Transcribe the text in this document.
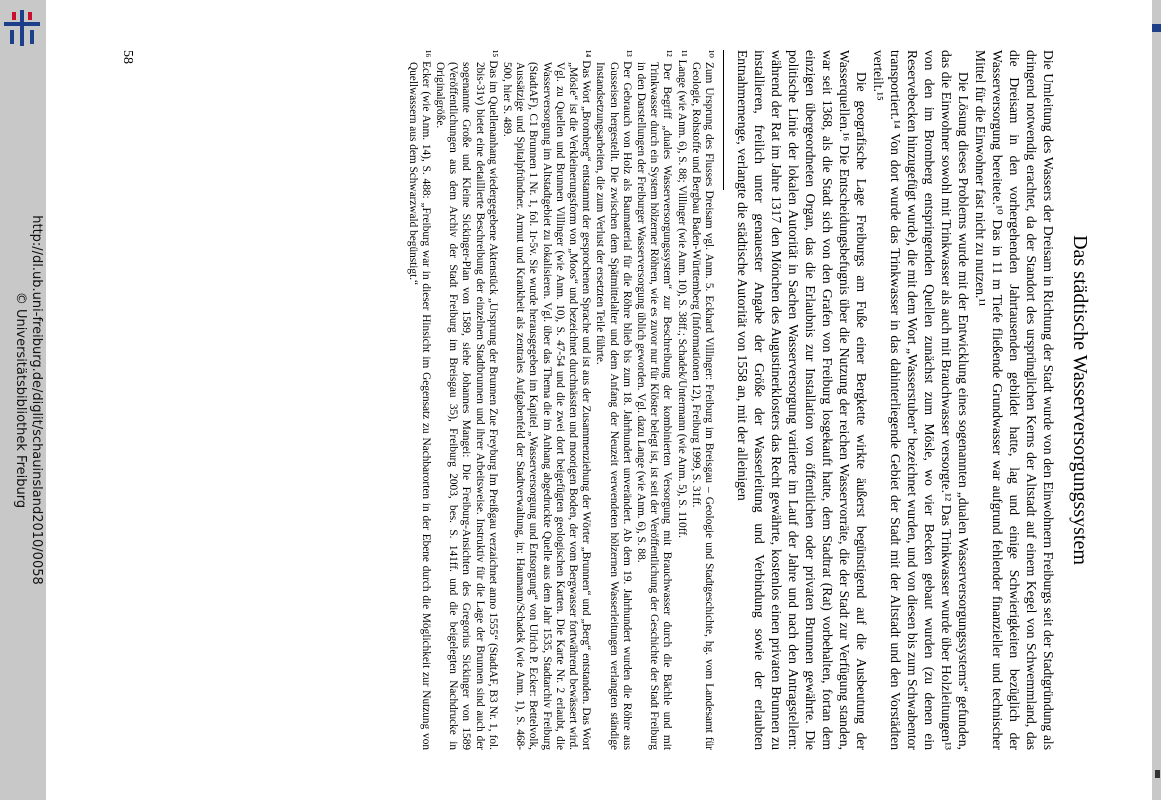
http://dl.ub.uni-freiburg.de/diglit/schauinsland2010/0058
© Universitätsbibliothek Freiburg	Das städtische Wasserversorgungssystem

Die Umleitung des Wassers der Dreisam in Richtung der Stadt wurde von den Einwohnern Freiburgs seit der Stadtgründung als dringend notwendig erachtet, da der Standort des ursprünglichen Kerns der Altstadt auf einem Kegel von Schwemmland, das die Dreisam in den vorhergehenden Jahrtausenden gebildet hatte, lag und einige Schwierigkeiten bezüglich der Wasserversorgung bereitete.¹⁰ Das in 11 m Tiefe fließende Grundwasser war aufgrund fehlender finanzieller und technischer Mittel für die Einwohner fast nicht zu nutzen.¹¹

Die Lösung dieses Problems wurde mit der Entwicklung eines sogenannten „dualen Wasserversorgungssystems“ gefunden, das die Einwohner sowohl mit Trinkwasser als auch mit Brauchwasser versorgte.¹² Das Trinkwasser wurde über Holzleitungen¹³ von den im Bromberg entspringenden Quellen zunächst zum Mösle, wo vier Becken gebaut wurden (zu denen ein Reservebecken hinzugefügt wurde), die mit dem Wort „Wasserstuben“ bezeichnet wurden, und von diesen bis zum Schwabentor transportiert.¹⁴ Von dort wurde das Trinkwasser in das dahinterliegende Gebiet der Stadt mit der Altstadt und den Vorstädten verteilt.¹⁵

Die geografische Lage Freiburgs am Fuße einer Bergkette wirkte äußerst begünstigend auf die Ausbeutung der Wasserquellen.¹⁶ Die Entscheidungsbefugnis über die Nutzung der reichen Wasservorräte, die der Stadt zur Verfügung standen, war seit 1368, als die Stadt sich von den Grafen von Freiburg losgekauft hatte, dem Stadtrat (Rat) vorbehalten, fortan dem einzigen übergeordneten Organ, das die Erlaubnis zur Installation von öffentlichen oder privaten Brunnen gewährte. Die politische Linie der lokalen Autorität in Sachen Wasserversorgung variierte im Lauf der Jahre und nach den Antragstellern: während der Rat im Jahre 1317 den Mönchen des Augustinerklosters das Recht gewährte, kostenlos einen privaten Brunnen zu installieren, freilich unter genauester Angabe der Größe der Wasserleitung und Verbindung sowie der erlaubten Entnahmemenge, verlangte die städtische Autorität von 1558 an, mit der alleinigen

¹⁰ Zum Ursprung des Flusses Dreisam vgl. Anm. 5. Eckhard Villinger: Freiburg im Breisgau – Geologie und Stadtgeschichte, hg. vom Landesamt für Geologie, Rohstoffe und Bergbau Baden-Württemberg (Informationen 12), Freiburg 1999, S. 31ff.

¹¹ Lange (wie Anm. 6), S. 88; Villinger (wie Anm. 10), S. 38ff.; Schadek/Untermann (wie Anm. 5), S. 110ff.

¹² Der Begriff „duales Wasserversorgungssystem“ zur Beschreibung der kombinierten Versorgung mit Brauchwasser durch die Bächle und mit Trinkwasser durch ein System hölzerner Röhren, wie es zuvor nur für Klöster belegt ist, ist seit der Veröffentlichung der Geschichte der Stadt Freiburg in den Darstellungen der Freiburger Wasserversorgung üblich geworden. Vgl. dazu Lange (wie Anm. 6), S. 88.

¹³ Der Gebrauch von Holz als Baumaterial für die Röhre blieb bis zum 18. Jahrhundert unverändert. Ab dem 19. Jahrhundert wurden die Röhre aus Gusseisen hergestellt. Die zwischen dem Spätmittelalter und dem Anfang der Neuzeit verwendeten hölzernen Wasserleitungen verlangten ständige Instandsetzungsarbeiten, die zum Verlust der ersetzten Teile führte.

¹⁴ Das Wort „Bromberg“ entstammt der gesprochenen Sprache und ist aus der Zusammenziehung der Wörter „Brunnen“ und „Berg“ entstanden. Das Wort „Mösle“ ist die Verkleinerungsform von „Moos“ und bezeichnet durchnässten und moorigen Boden, der vom Bergwasser fortwährend bewässert wird. Vgl. zu Quellen und Brunnen Villinger (wie Anm. 10), S. 47-54 und die zwei dort beigefügten geologischen Karten. Die Karte Nr. 2 erlaubt, die Wasserversorgung im Altstadtgebiet zu lokalisieren. Vgl. über das Thema die im Anhang abgedruckte Quelle aus dem Jahr 1535, Stadtarchiv Freiburg (StadtAF), C1 Brunnen 1 Nr. 1, fol. 1r-5v. Sie wurde herausgegeben im Kapitel „Wasserversorgung und Entsorgung“ von Ulrich P. Ecker: Bettelvolk, Aussätzige und Spitalpfründner. Armut und Krankheit als zentrales Aufgabenfeld der Stadtverwaltung, in: Haumann/Schadek (wie Anm. 1), S. 468-500, hier S. 489.

¹⁵ Das im Quellenanhang wiedergegebene Aktenstück „Ursprung der Brunnen Zue Freyburg Im Preißgau verzaichnet anno 1555“ (StadtAF, B3 Nr. 1, fol. 2bis-31v) bietet eine detaillierte Beschreibung der einzelnen Stadtbrunnen und ihrer Arbeitsweise. Instruktiv für die Lage der Brunnen sind auch der sogenannte Große und Kleine Sickinger-Plan von 1589, siehe Johannes Mangei: Die Freiburg-Ansichten des Gregorius Sickinger von 1589 (Veröffentlichungen aus dem Archiv der Stadt Freiburg im Breisgau 35), Freiburg 2003, bes. S. 141ff. und die beigelegten Nachdrucke in Originalgröße.

¹⁶ Ecker (wie Anm. 14), S. 488: „Freiburg war in dieser Hinsicht im Gegensatz zu Nachbarorten in der Ebene durch die Möglichkeit zur Nutzung von Quellwassern aus dem Schwarzwald begünstigt.“

58
